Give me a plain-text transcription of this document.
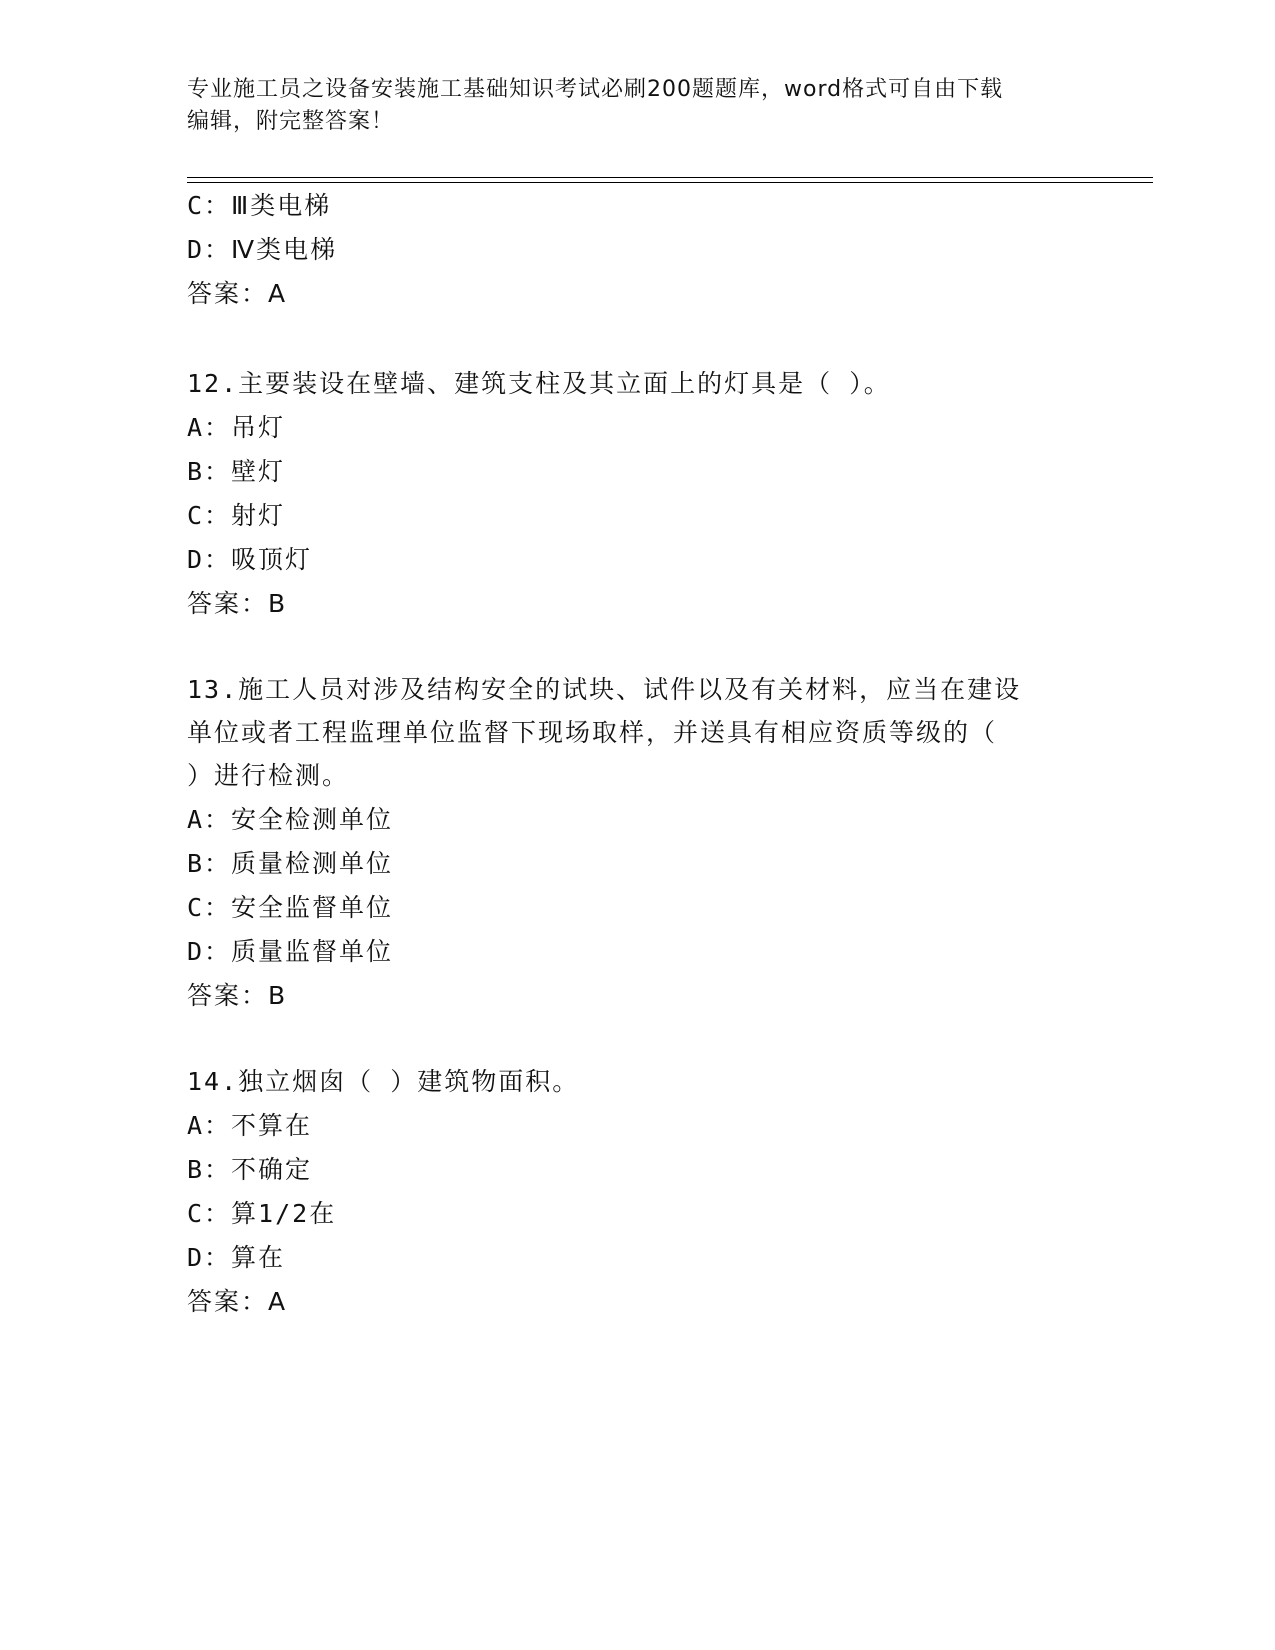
专业施工员之设备安装施工基础知识考试必刷200题题库，word格式可自由下载
编辑，附完整答案！
C：Ⅲ类电梯
D：Ⅳ类电梯
答案：A
12.主要装设在壁墙、建筑支柱及其立面上的灯具是（ ）。
A：吊灯
B：壁灯
C：射灯
D：吸顶灯
答案：B
13.施工人员对涉及结构安全的试块、试件以及有关材料，应当在建设
单位或者工程监理单位监督下现场取样，并送具有相应资质等级的（
）进行检测。
A：安全检测单位
B：质量检测单位
C：安全监督单位
D：质量监督单位
答案：B
14.独立烟囱（ ）建筑物面积。
A：不算在
B：不确定
C：算1/2在
D：算在
答案：A
